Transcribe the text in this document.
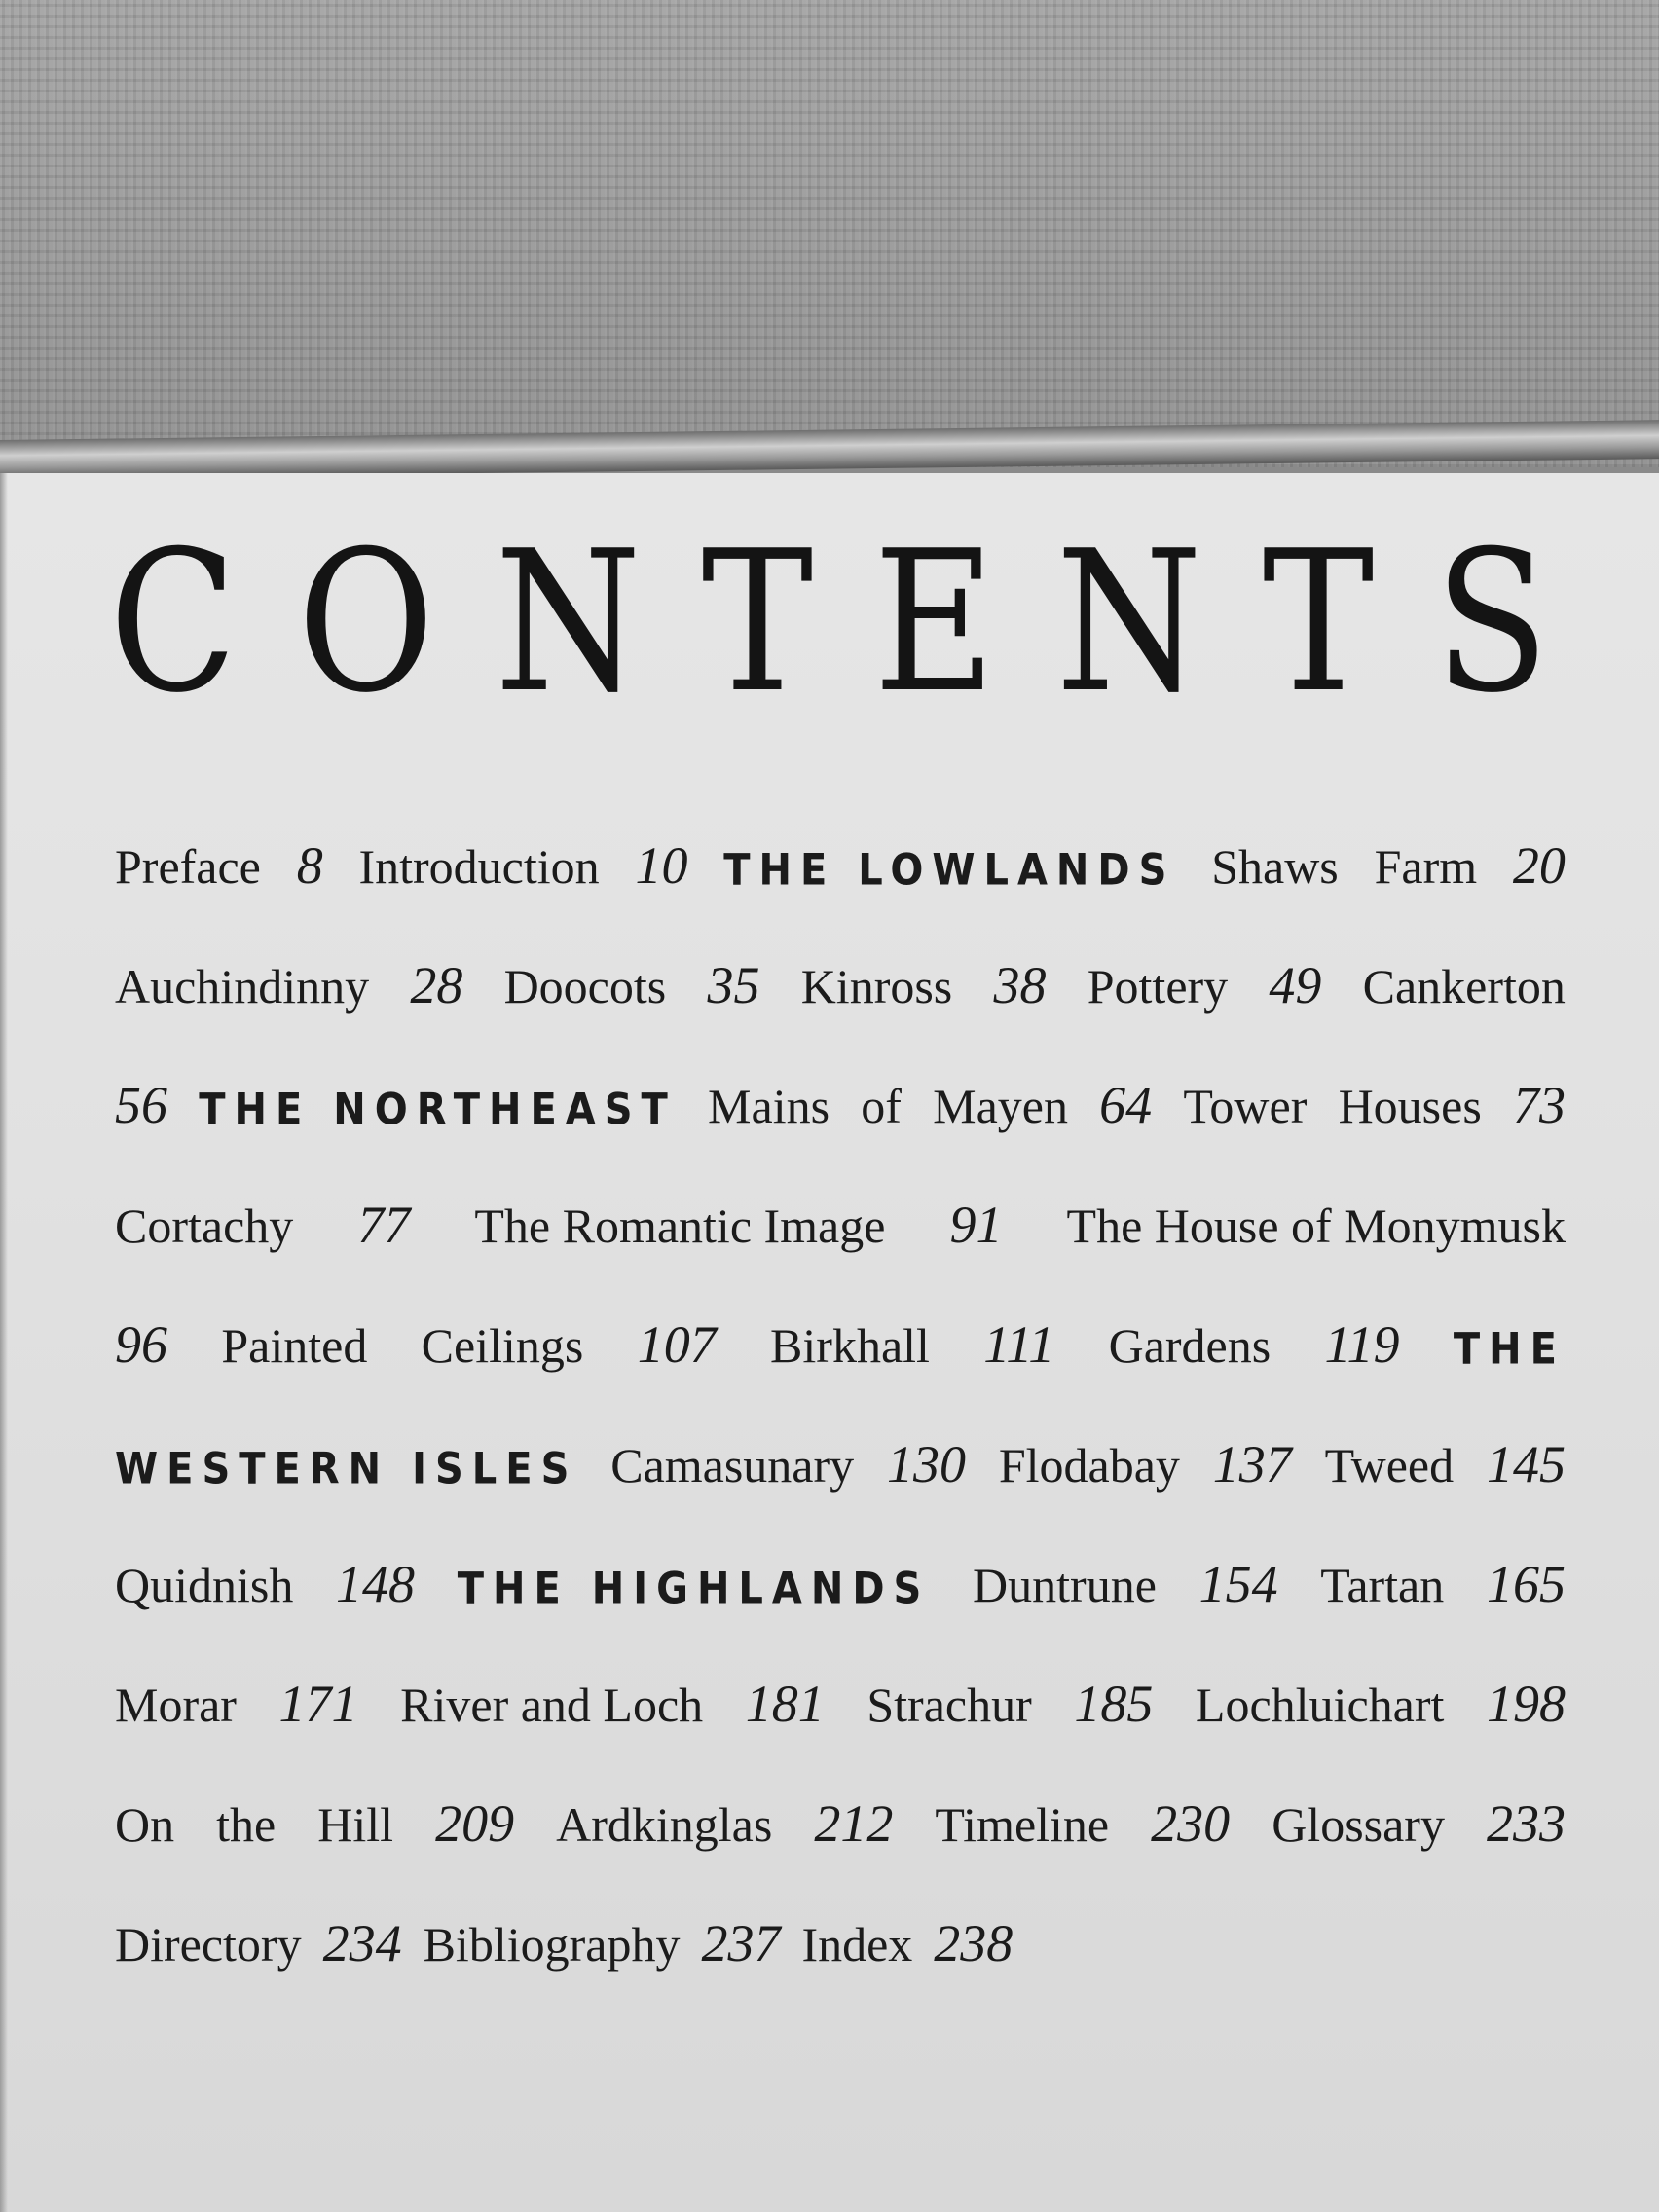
C O N T E N T S
Preface 8 Introduction 10 THE LOWLANDS Shaws Farm 20
Auchindinny 28 Doocots 35 Kinross 38 Pottery 49 Cankerton
56 THE NORTHEAST Mains of Mayen 64 Tower Houses 73
Cortachy 77 The Romantic Image 91 The House of Monymusk
96 Painted Ceilings 107 Birkhall 111 Gardens 119 THE
WESTERN ISLES Camasunary 130 Flodabay 137 Tweed 145
Quidnish 148 THE HIGHLANDS Duntrune 154 Tartan 165
Morar 171 River and Loch 181 Strachur 185 Lochluichart 198
On the Hill 209 Ardkinglas 212 Timeline 230 Glossary 233
Directory 234 Bibliography 237 Index 238
